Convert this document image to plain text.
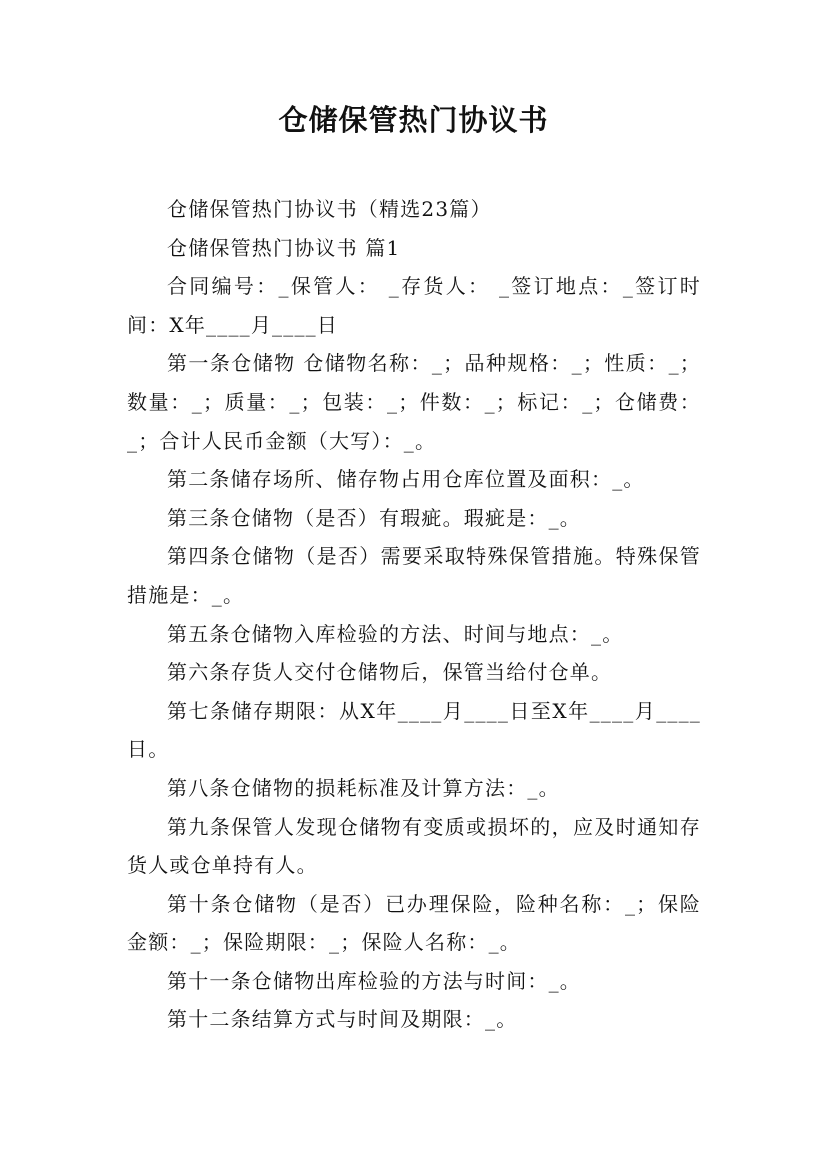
仓储保管热门协议书

仓储保管热门协议书（精选23篇）

仓储保管热门协议书 篇1

合同编号：_保管人： _存货人： _签订地点：_签订时间：X年____月____日

第一条仓储物 仓储物名称：_；品种规格：_；性质：_；数量：_；质量：_；包装：_；件数：_；标记：_；仓储费：_；合计人民币金额（大写）：_。

第二条储存场所、储存物占用仓库位置及面积：_。

第三条仓储物（是否）有瑕疵。瑕疵是：_。

第四条仓储物（是否）需要采取特殊保管措施。特殊保管措施是：_。

第五条仓储物入库检验的方法、时间与地点：_。

第六条存货人交付仓储物后，保管当给付仓单。

第七条储存期限：从X年____月____日至X年____月____日。

第八条仓储物的损耗标准及计算方法：_。

第九条保管人发现仓储物有变质或损坏的，应及时通知存货人或仓单持有人。

第十条仓储物（是否）已办理保险，险种名称：_；保险金额：_；保险期限：_；保险人名称：_。

第十一条仓储物出库检验的方法与时间：_。

第十二条结算方式与时间及期限：_。
